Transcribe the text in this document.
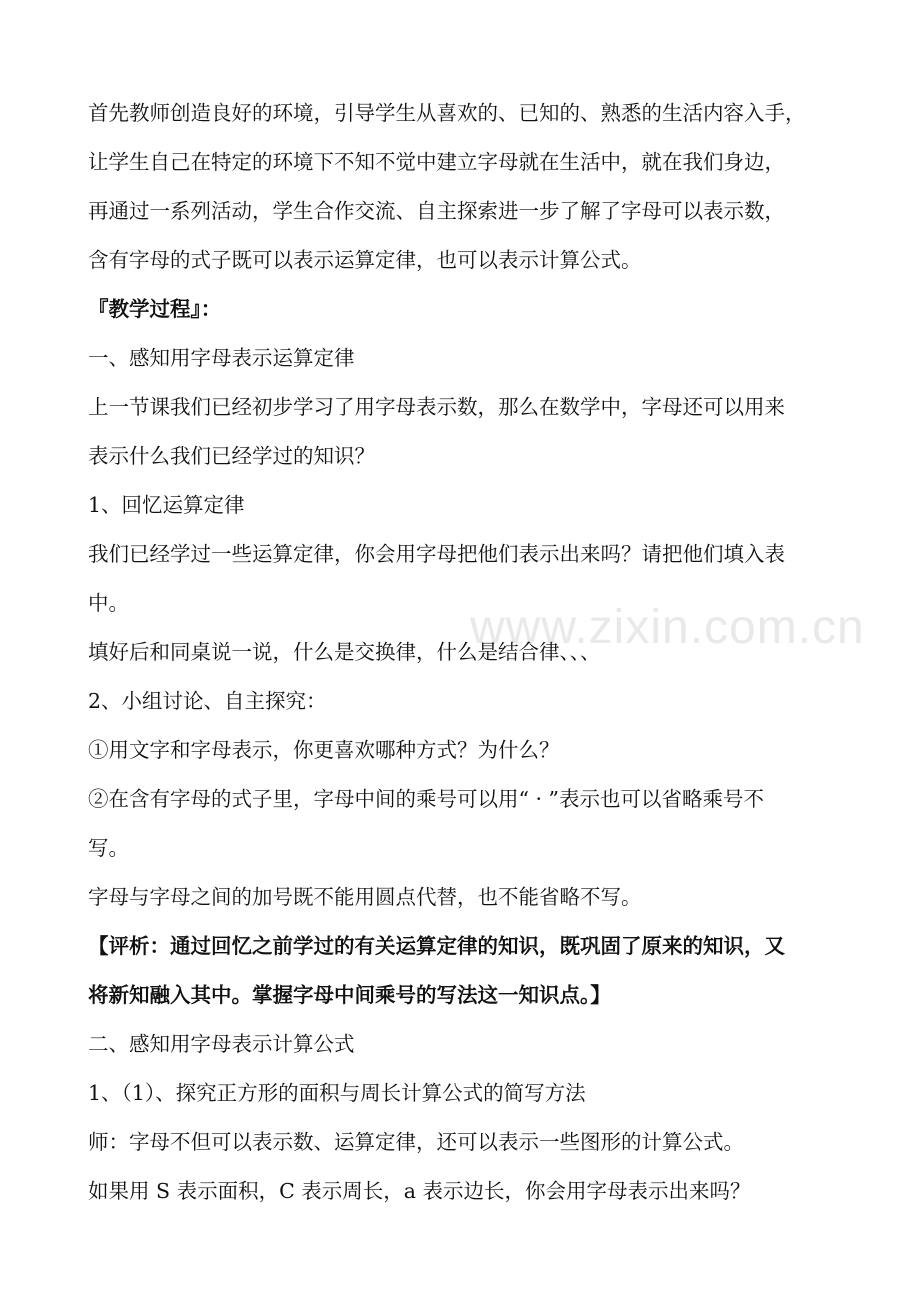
www.zixin.com.cn
首先教师创造良好的环境，引导学生从喜欢的、已知的、熟悉的生活内容入手，
让学生自己在特定的环境下不知不觉中建立字母就在生活中，就在我们身边，
再通过一系列活动，学生合作交流、自主探索进一步了解了字母可以表示数，
含有字母的式子既可以表示运算定律，也可以表示计算公式。
『教学过程』：
一、感知用字母表示运算定律
上一节课我们已经初步学习了用字母表示数，那么在数学中，字母还可以用来
表示什么我们已经学过的知识？
1、回忆运算定律
我们已经学过一些运算定律，你会用字母把他们表示出来吗？请把他们填入表
中。
填好后和同桌说一说，什么是交换律，什么是结合律、、、
2、小组讨论、自主探究：
①用文字和字母表示，你更喜欢哪种方式？为什么？
②在含有字母的式子里，字母中间的乘号可以用“ · ”表示也可以省略乘号不
写。
字母与字母之间的加号既不能用圆点代替，也不能省略不写。
【评析：通过回忆之前学过的有关运算定律的知识，既巩固了原来的知识，又
将新知融入其中。掌握字母中间乘号的写法这一知识点。】
二、感知用字母表示计算公式
1、（1）、探究正方形的面积与周长计算公式的简写方法
师：字母不但可以表示数、运算定律，还可以表示一些图形的计算公式。
如果用 S 表示面积，C 表示周长，a 表示边长，你会用字母表示出来吗？
